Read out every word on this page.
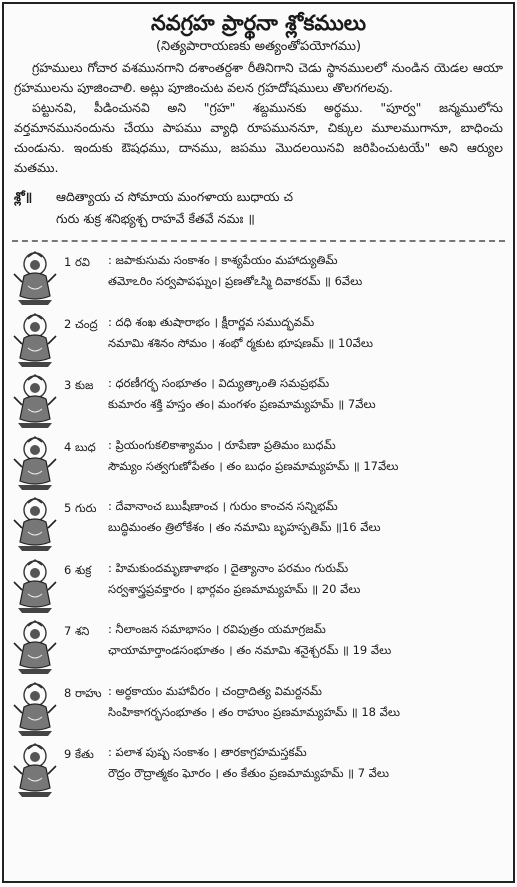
నవగ్రహ ప్రార్థనా శ్లోకములు
(నిత్యపారాయణకు అత్యంతోపయోగము)

గ్రహములు గోచార వశమునగాని దశాంతర్దశా రీతినిగాని చెడు స్థానములలో నుండిన యెడల ఆయా గ్రహములను పూజించాలి. అట్లు పూజించుట వలన గ్రహదోషములు తొలగగలవు.

పట్టునవి, పీడించునవి అని "గ్రహ" శబ్దమునకు అర్థము. "పూర్వ" జన్మములోను వర్తమానమునందును చేయు పాపము వ్యాధి రూపముననూ, చిక్కుల మూలముగానూ, బాధించు చుండును. ఇందుకు ఔషధము, దానము, జపము మొదలయినవి జరిపించుటయే" అని ఆర్యుల మతము.

శ్లో॥	ఆదిత్యాయ చ సోమాయ మంగళాయ బుధాయ చ
గురు శుక్ర శనిభ్యశ్చ రాహవే కేతవే నమః ॥
1 రవి	: జపాకుసుమ సంకాశం । కాశ్యపేయం మహాద్యుతిమ్
తమోఽరిం సర్వపాపఘ్నం। ప్రణతోఽస్మి దివాకరమ్ ॥ 6వేలు
2 చంద్ర : దధి శంఖ తుషారాభం । క్షీరార్ణవ సముద్భవమ్
నమామి శశినం సోమం । శంభో ర్మకుట భూషణమ్ ॥ 10వేలు
3 కుజ	: ధరణీగర్భ సంభూతం । విద్యుత్కాంతి సమప్రభమ్
కుమారం శక్తి హస్తం తం। మంగళం ప్రణమామ్యహమ్ ॥ 7వేలు
4 బుధ	: ప్రియంగుకలికాశ్యామం । రూపేణా ప్రతిమం బుధమ్
సౌమ్యం సత్వగుణోపేతం । తం బుధం ప్రణమామ్యహమ్ ॥ 17వేలు
5 గురు	: దేవానాంచ ఋషీణాంచ । గురుం కాంచన సన్నిభమ్
బుద్ధిమంతం త్రిలోకేశం । తం నమామి బృహస్పతిమ్ ॥16 వేలు
6 శుక్ర	: హిమకుందమృణాళాభం । దైత్యానాం పరమం గురుమ్
సర్వశాస్త్రప్రవక్తారం । భార్గవం ప్రణమామ్యహమ్ ॥ 20 వేలు
7 శని	: నీలాంజన సమాభాసం । రవిపుత్రం యమాగ్రజమ్
ఛాయామార్తాండసంభూతం । తం నమామి శనైశ్చరమ్ ॥ 19 వేలు
8 రాహు : అర్ధకాయం మహావీరం । చంద్రాదిత్య విమర్దనమ్
సింహికాగర్భసంభూతం । తం రాహుం ప్రణమామ్యహమ్ ॥ 18 వేలు
9 కేతు	: పలాశ పుష్ప సంకాశం । తారకాగ్రహమస్తకమ్
రౌద్రం రౌద్రాత్మకం ఘోరం । తం కేతుం ప్రణమామ్యహమ్ ॥ 7 వేలు
